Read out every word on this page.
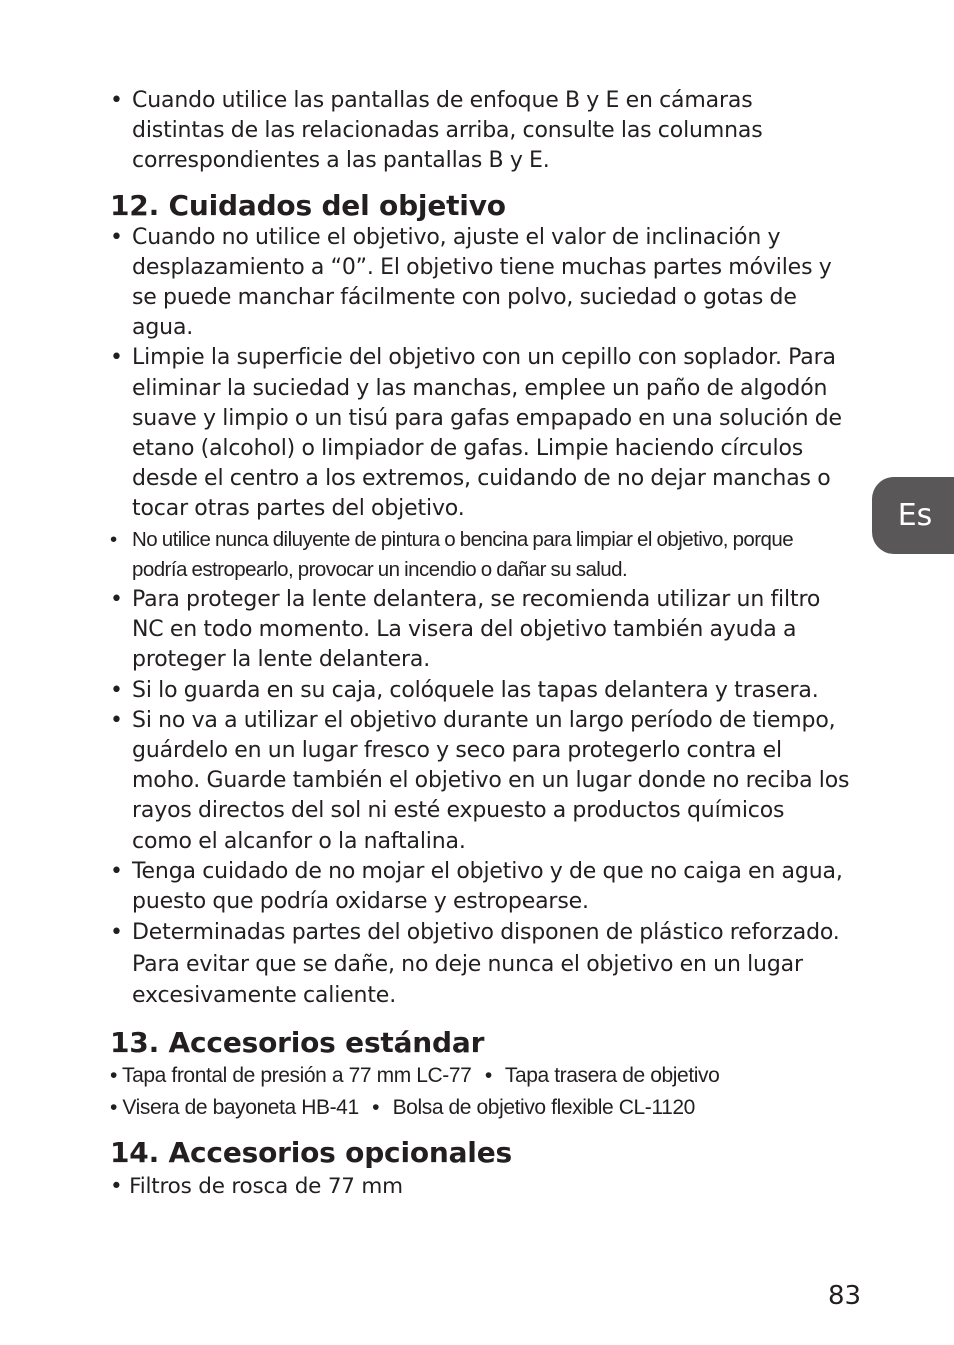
• Cuando utilice las pantallas de enfoque B y E en cámaras distintas de las relacionadas arriba, consulte las columnas correspondientes a las pantallas B y E.
12. Cuidados del objetivo
• Cuando no utilice el objetivo, ajuste el valor de inclinación y desplazamiento a “0”. El objetivo tiene muchas partes móviles y se puede manchar fácilmente con polvo, suciedad o gotas de agua.
• Limpie la superficie del objetivo con un cepillo con soplador. Para eliminar la suciedad y las manchas, emplee un paño de algodón suave y limpio o un tisú para gafas empapado en una solución de etano (alcohol) o limpiador de gafas. Limpie haciendo círculos desde el centro a los extremos, cuidando de no dejar manchas o tocar otras partes del objetivo.
• No utilice nunca diluyente de pintura o bencina para limpiar el objetivo, porque podría estropearlo, provocar un incendio o dañar su salud.
• Para proteger la lente delantera, se recomienda utilizar un filtro NC en todo momento. La visera del objetivo también ayuda a proteger la lente delantera.
• Si lo guarda en su caja, colóquele las tapas delantera y trasera.
• Si no va a utilizar el objetivo durante un largo período de tiempo, guárdelo en un lugar fresco y seco para protegerlo contra el moho. Guarde también el objetivo en un lugar donde no reciba los rayos directos del sol ni esté expuesto a productos químicos como el alcanfor o la naftalina.
• Tenga cuidado de no mojar el objetivo y de que no caiga en agua, puesto que podría oxidarse y estropearse.
• Determinadas partes del objetivo disponen de plástico reforzado. Para evitar que se dañe, no deje nunca el objetivo en un lugar excesivamente caliente.
13. Accesorios estándar
• Tapa frontal de presión a 77 mm LC-77 • Tapa trasera de objetivo
• Visera de bayoneta HB-41 • Bolsa de objetivo flexible CL-1120
14. Accesorios opcionales
• Filtros de rosca de 77 mm
Es
83
